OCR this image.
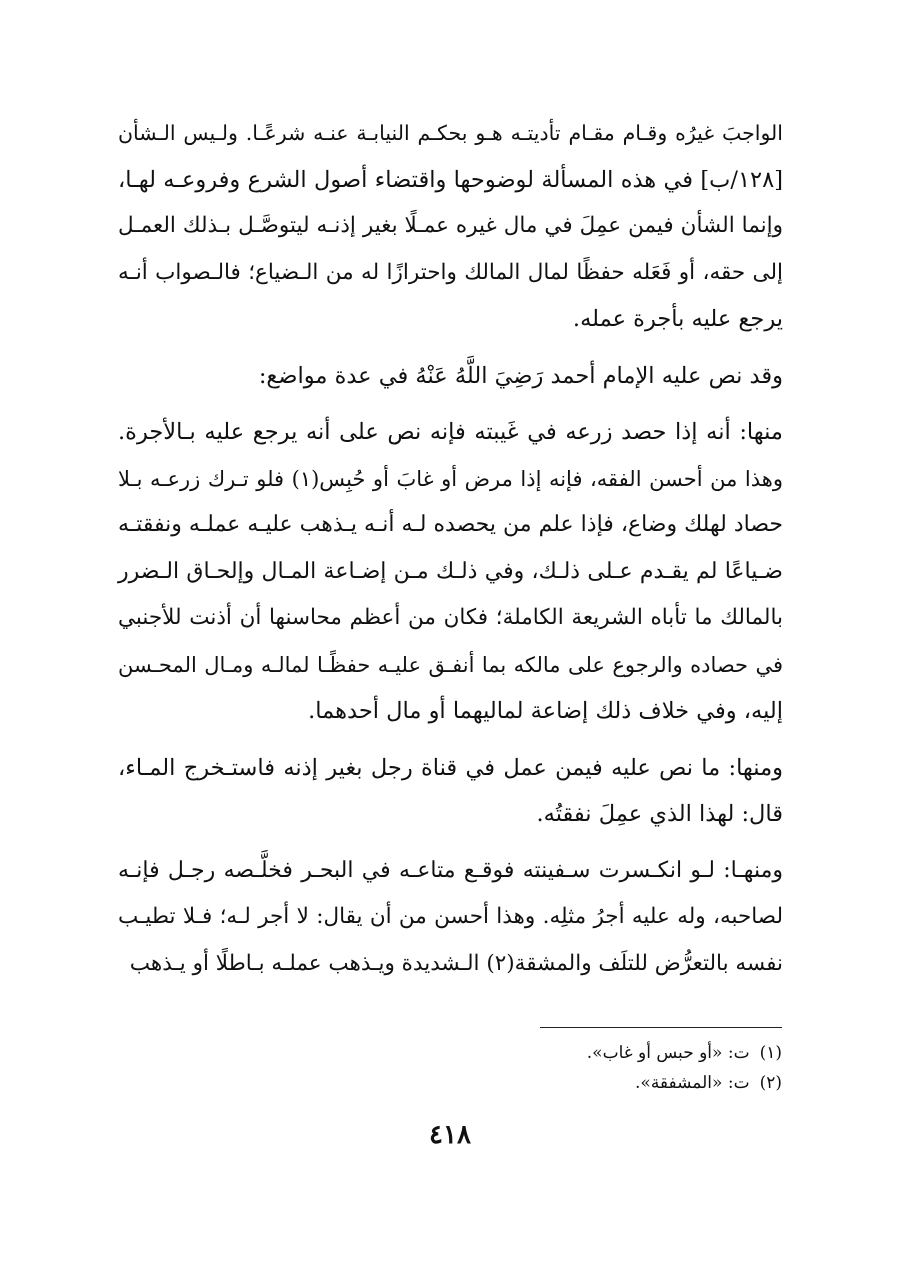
الواجبَ غيرُه وقـام مقـام تأديتـه هـو بحكـم النيابـة عنـه شرعًـا. ولـيس الـشأن
[١٢٨/ب] في هذه المسألة لوضوحها واقتضاء أصول الشرع وفروعـه لهـا،
وإنما الشأن فيمن عمِلَ في مال غيره عمـلًا بغير إذنـه ليتوصَّـل بـذلك العمـل
إلى حقه، أو فَعَله حفظًا لمال المالك واحترازًا له من الـضياع؛ فالـصواب أنـه
يرجع عليه بأجرة عمله.
وقد نص عليه الإمام أحمد رَضِيَ اللَّهُ عَنْهُ في عدة مواضع:
منها: أنه إذا حصد زرعه في غَيبته فإنه نص على أنه يرجع عليه بـالأجرة.
وهذا من أحسن الفقه، فإنه إذا مرض أو غابَ أو حُبِس(١) فلو تـرك زرعـه بـلا
حصاد لهلك وضاع، فإذا علم من يحصده لـه أنـه يـذهب عليـه عملـه ونفقتـه
ضـياعًا لم يقـدم عـلى ذلـك، وفي ذلـك مـن إضـاعة المـال وإلحـاق الـضرر
بالمالك ما تأباه الشريعة الكاملة؛ فكان من أعظم محاسنها أن أذنت للأجنبي
في حصاده والرجوع على مالكه بما أنفـق عليـه حفظًـا لمالـه ومـال المحـسن
إليه، وفي خلاف ذلك إضاعة لماليهما أو مال أحدهما.
ومنها: ما نص عليه فيمن عمل في قناة رجل بغير إذنه فاستـخرج المـاء،
قال: لهذا الذي عمِلَ نفقتُه.
ومنهـا: لـو انكـسرت سـفينته فوقـع متاعـه في البحـر فخلَّـصه رجـل فإنـه
لصاحبه، وله عليه أجرُ مثلِه. وهذا أحسن من أن يقال: لا أجر لـه؛ فـلا تطيـب
نفسه بالتعرُّض للتلَف والمشقة(٢) الـشديدة ويـذهب عملـه بـاطلًا أو يـذهب
(١)ت: «أو حبس أو غاب».
(٢)ت: «المشفقة».
٤١٨
